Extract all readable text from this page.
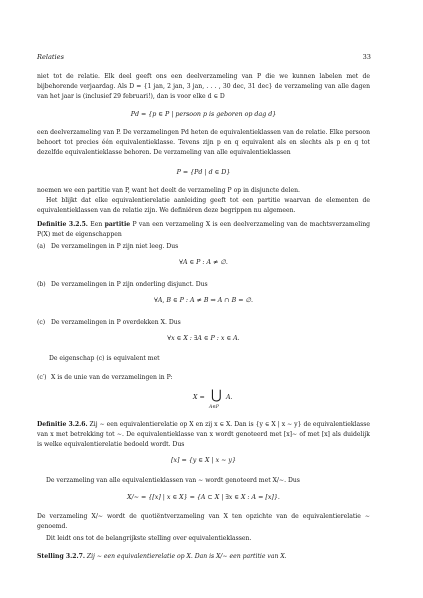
Relaties	33

niet tot de relatie. Elk deel geeft ons een deelverzameling van P die we kunnen labelen met de bijbehorende verjaardag. Als D = {1 jan, 2 jan, 3 jan, . . . , 30 dec, 31 dec} de verzameling van alle dagen van het jaar is (inclusief 29 februari!), dan is voor elke d ∈ D

Pd = {p ∈ P | persoon p is geboren op dag d}

een deelverzameling van P. De verzamelingen Pd heten de equivalentieklassen van de relatie. Elke persoon behoort tot precies één equivalentieklasse. Tevens zijn p en q equivalent als en slechts als p en q tot dezelfde equivalentieklasse behoren. De verzameling van alle equivalentieklassen

P = {Pd | d ∈ D}

noemen we een partitie van P, want het deelt de verzameling P op in disjuncte delen.

Het blijkt dat elke equivalentierelatie aanleiding geeft tot een partitie waarvan de elementen de equivalentieklassen van de relatie zijn. We definiëren deze begrippen nu algemeen.

Definitie 3.2.5. Een partitie P van een verzameling X is een deelverzameling van de machtsverzameling P(X) met de eigenschappen

(a) De verzamelingen in P zijn niet leeg. Dus

∀A ∈ P : A ≠ ∅.

(b) De verzamelingen in P zijn onderling disjunct. Dus

∀A, B ∈ P : A ≠ B ⇒ A ∩ B = ∅.

(c) De verzamelingen in P overdekken X. Dus

∀x ∈ X : ∃A ∈ P : x ∈ A.

De eigenschap (c) is equivalent met

(c′) X is de unie van de verzamelingen in P:

X = ⋃
A∈P
A.

Definitie 3.2.6. Zij ∼ een equivalentierelatie op X en zij x ∈ X. Dan is {y ∈ X | x ∼ y} de equivalentieklasse van x met betrekking tot ∼. De equivalentieklasse van x wordt genoteerd met [x]∼ of met [x] als duidelijk is welke equivalentierelatie bedoeld wordt. Dus

[x] = {y ∈ X | x ∼ y}

De verzameling van alle equivalentieklassen van ∼ wordt genoteerd met X/∼. Dus

X/∼ = {[x] | x ∈ X} = {A ⊂ X | ∃x ∈ X : A = [x]}.

De verzameling X/∼ wordt de quotiëntverzameling van X ten opzichte van de equivalentierelatie ∼ genoemd.

Dit leidt ons tot de belangrijkste stelling over equivalentieklassen.

Stelling 3.2.7. Zij ∼ een equivalentierelatie op X. Dan is X/∼ een partitie van X.
